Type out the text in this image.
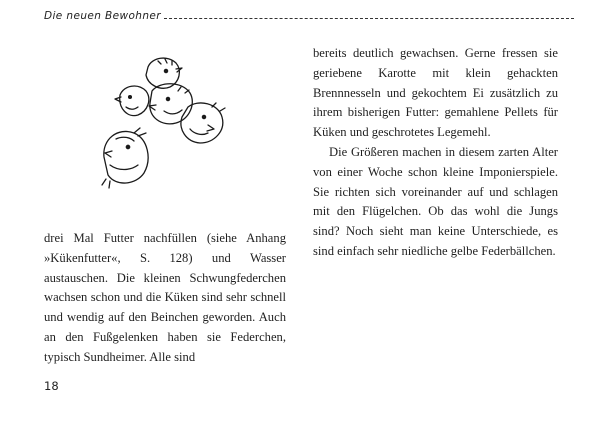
Die neuen Bewohner

drei Mal Futter nachfüllen (siehe Anhang »Kükenfutter«, S. 128) und Wasser austauschen. Die kleinen Schwungfederchen wachsen schon und die Küken sind sehr schnell und wendig auf den Beinchen geworden. Auch an den Fußgelenken haben sie Federchen, typisch Sundheimer. Alle sind

bereits deutlich gewachsen. Gerne fressen sie geriebene Karotte mit klein gehackten Brennnesseln und gekochtem Ei zusätzlich zu ihrem bisherigen Futter: gemahlene Pellets für Küken und geschrotetes Legemehl.

Die Größeren machen in diesem zarten Alter von einer Woche schon kleine Imponierspiele. Sie richten sich voreinander auf und schlagen mit den Flügelchen. Ob das wohl die Jungs sind? Noch sieht man keine Unterschiede, es sind einfach sehr niedliche gelbe Federbällchen.

18
